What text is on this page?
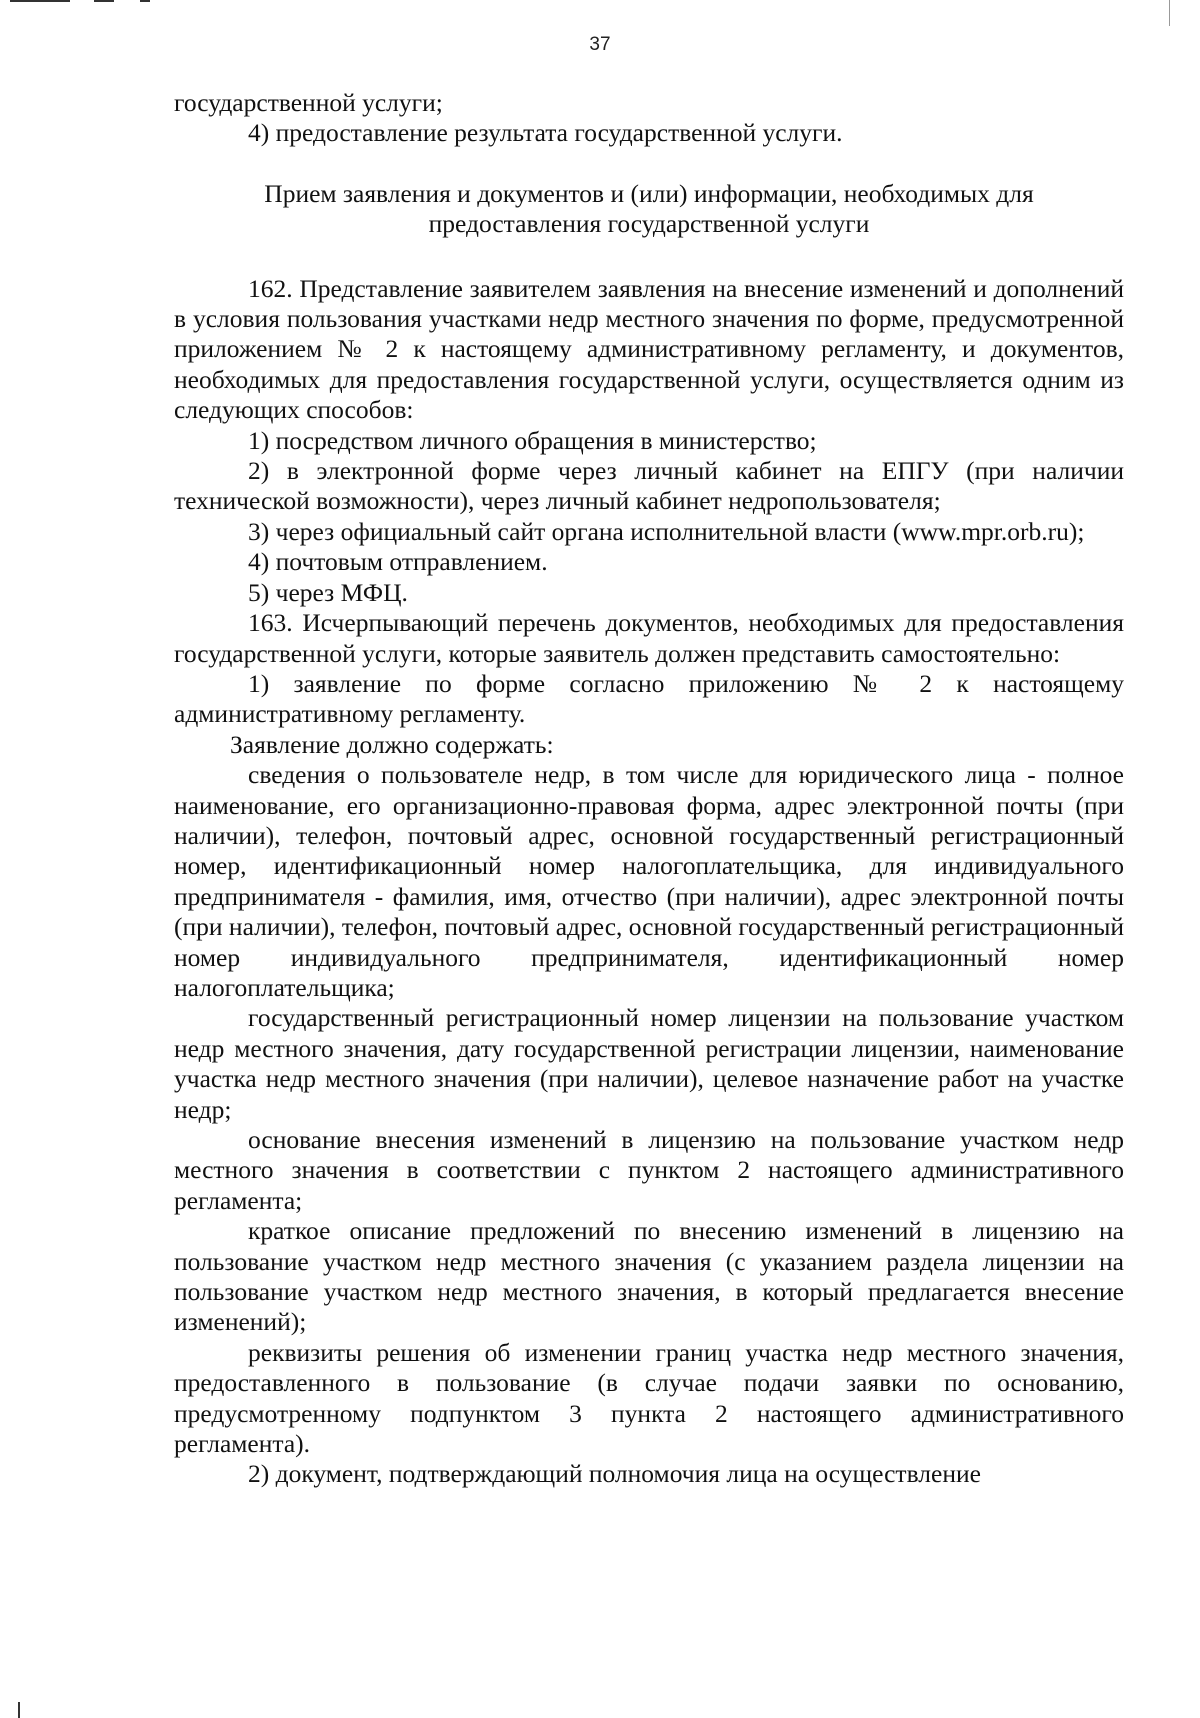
37

государственной услуги;

4) предоставление результата государственной услуги.

Прием заявления и документов и (или) информации, необходимых для предоставления государственной услуги

162. Представление заявителем заявления на внесение изменений и дополнений в условия пользования участками недр местного значения по форме, предусмотренной приложением № 2 к настоящему административному регламенту, и документов, необходимых для предоставления государственной услуги, осуществляется одним из следующих способов:

1) посредством личного обращения в министерство;

2) в электронной форме через личный кабинет на ЕПГУ (при наличии технической возможности), через личный кабинет недропользователя;

3) через официальный сайт органа исполнительной власти (www.mpr.orb.ru);

4) почтовым отправлением.

5) через МФЦ.

163. Исчерпывающий перечень документов, необходимых для предоставления государственной услуги, которые заявитель должен представить самостоятельно:

1) заявление по форме согласно приложению № 2 к настоящему административному регламенту.

Заявление должно содержать:

сведения о пользователе недр, в том числе для юридического лица - полное наименование, его организационно-правовая форма, адрес электронной почты (при наличии), телефон, почтовый адрес, основной государственный регистрационный номер, идентификационный номер налогоплательщика, для индивидуального предпринимателя - фамилия, имя, отчество (при наличии), адрес электронной почты (при наличии), телефон, почтовый адрес, основной государственный регистрационный номер индивидуального предпринимателя, идентификационный номер налогоплательщика;

государственный регистрационный номер лицензии на пользование участком недр местного значения, дату государственной регистрации лицензии, наименование участка недр местного значения (при наличии), целевое назначение работ на участке недр;

основание внесения изменений в лицензию на пользование участком недр местного значения в соответствии с пунктом 2 настоящего административного регламента;

краткое описание предложений по внесению изменений в лицензию на пользование участком недр местного значения (с указанием раздела лицензии на пользование участком недр местного значения, в который предлагается внесение изменений);

реквизиты решения об изменении границ участка недр местного значения, предоставленного в пользование (в случае подачи заявки по основанию, предусмотренному подпунктом 3 пункта 2 настоящего административного регламента).

2) документ, подтверждающий полномочия лица на осуществление
